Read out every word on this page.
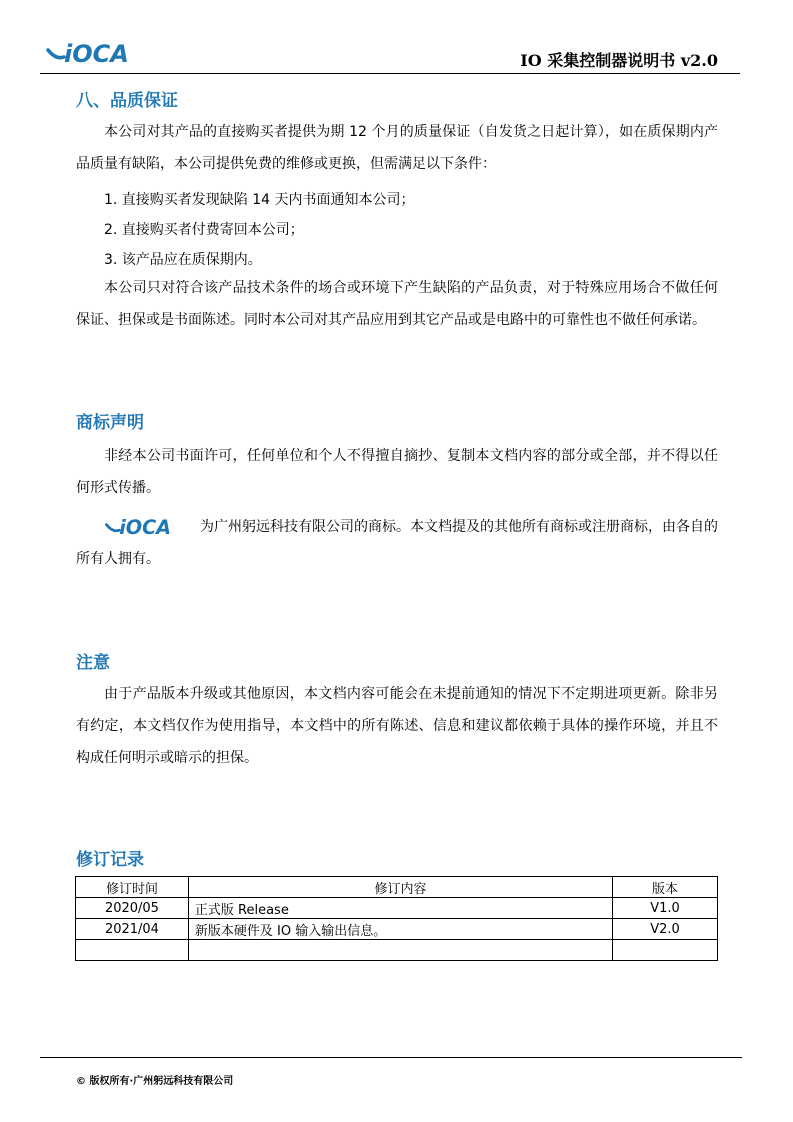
iOCA	IO 采集控制器说明书 v2.0
八、品质保证

本公司对其产品的直接购买者提供为期 12 个月的质量保证（自发货之日起计算），如在质保期内产品质量有缺陷，本公司提供免费的维修或更换，但需满足以下条件：

1. 直接购买者发现缺陷 14 天内书面通知本公司；

2. 直接购买者付费寄回本公司；

3. 该产品应在质保期内。

本公司只对符合该产品技术条件的场合或环境下产生缺陷的产品负责，对于特殊应用场合不做任何保证、担保或是书面陈述。同时本公司对其产品应用到其它产品或是电路中的可靠性也不做任何承诺。

商标声明

非经本公司书面许可，任何单位和个人不得擅自摘抄、复制本文档内容的部分或全部，并不得以任何形式传播。

iOCA 为广州躬远科技有限公司的商标。本文档提及的其他所有商标或注册商标，由各自的所有人拥有。
注意

由于产品版本升级或其他原因，本文档内容可能会在未提前通知的情况下不定期进项更新。除非另有约定，本文档仅作为使用指导，本文档中的所有陈述、信息和建议都依赖于具体的操作环境，并且不构成任何明示或暗示的担保。

修订记录
修订时间	修订内容	版本
2020/05	正式版 Release	V1.0
2021/04	新版本硬件及 IO 输入输出信息。	V2.0

© 版权所有·广州躬远科技有限公司
